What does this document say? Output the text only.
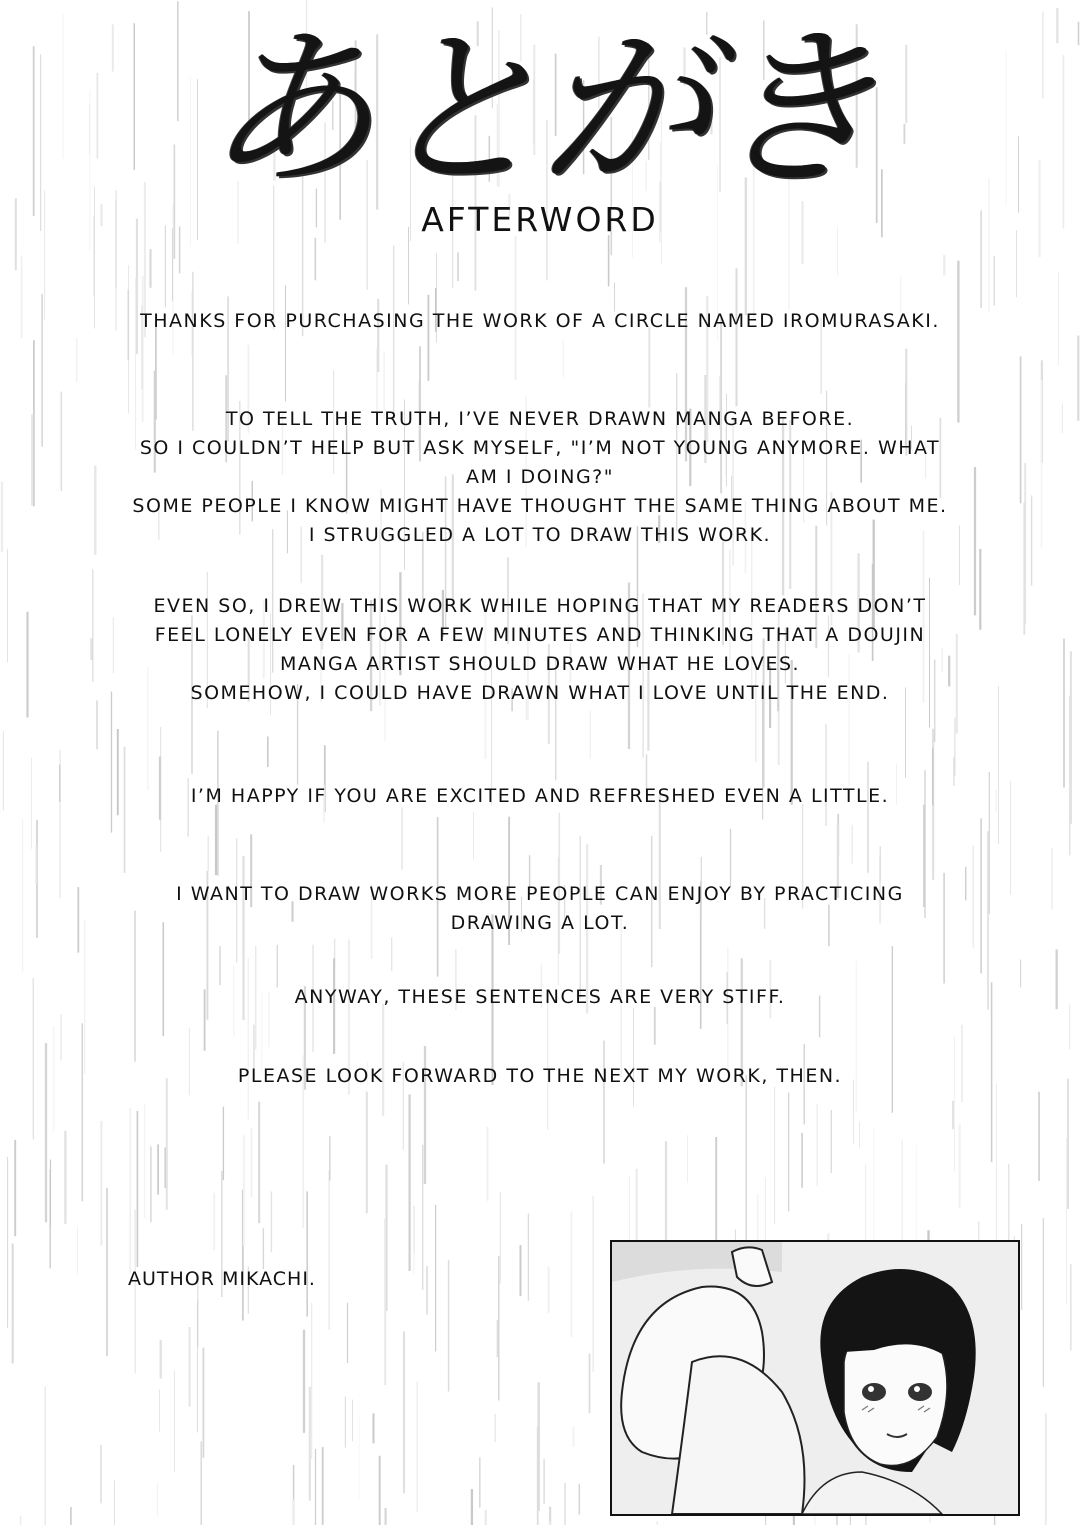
あとがき
AFTERWORD
THANKS FOR PURCHASING THE WORK OF A CIRCLE NAMED IROMURASAKI.
TO TELL THE TRUTH, I’VE NEVER DRAWN MANGA BEFORE.
SO I COULDN’T HELP BUT ASK MYSELF, "I’M NOT YOUNG ANYMORE. WHAT
AM I DOING?"
SOME PEOPLE I KNOW MIGHT HAVE THOUGHT THE SAME THING ABOUT ME.
I STRUGGLED A LOT TO DRAW THIS WORK.
EVEN SO, I DREW THIS WORK WHILE HOPING THAT MY READERS DON’T
FEEL LONELY EVEN FOR A FEW MINUTES AND THINKING THAT A DOUJIN
MANGA ARTIST SHOULD DRAW WHAT HE LOVES.
SOMEHOW, I COULD HAVE DRAWN WHAT I LOVE UNTIL THE END.
I’M HAPPY IF YOU ARE EXCITED AND REFRESHED EVEN A LITTLE.
I WANT TO DRAW WORKS MORE PEOPLE CAN ENJOY BY PRACTICING
DRAWING A LOT.
ANYWAY, THESE SENTENCES ARE VERY STIFF.
PLEASE LOOK FORWARD TO THE NEXT MY WORK, THEN.
AUTHOR MIKACHI.
